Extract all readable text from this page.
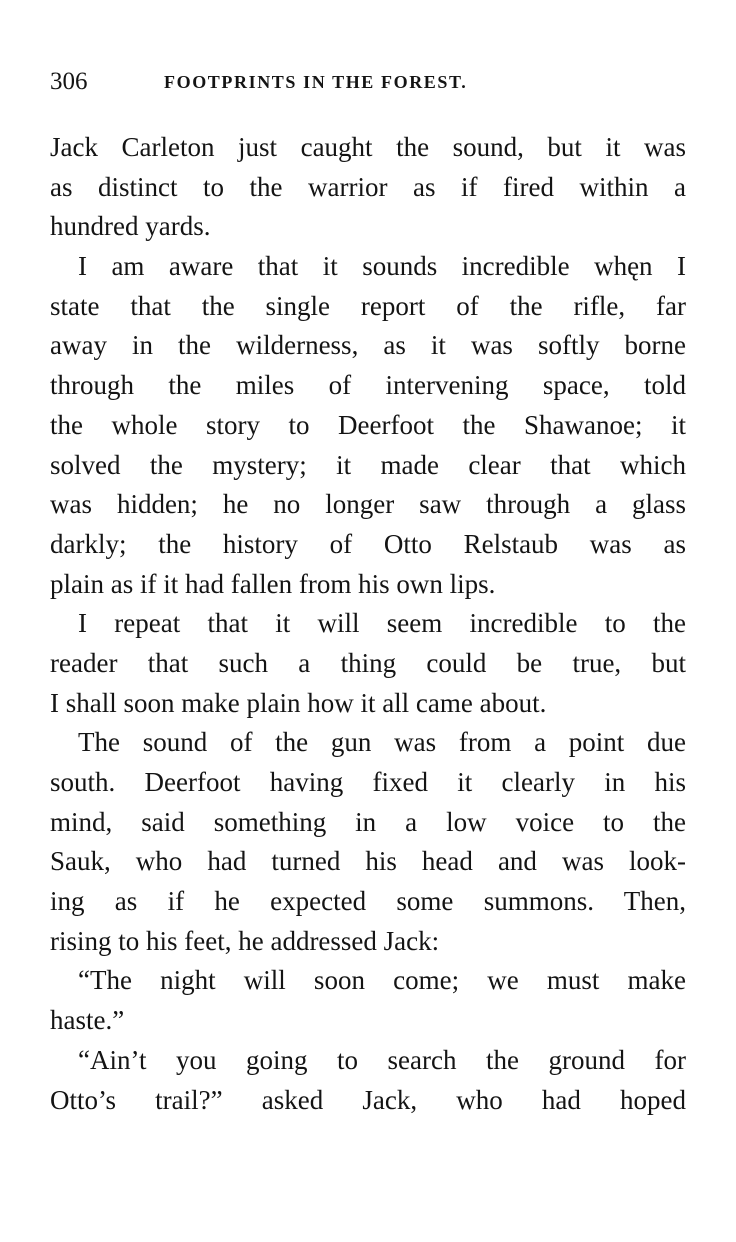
306	FOOTPRINTS IN THE FOREST.
Jack Carleton just caught the sound, but it was
as distinct to the warrior as if fired within a
hundred yards.
I am aware that it sounds incredible whęn I
state that the single report of the rifle, far
away in the wilderness, as it was softly borne
through the miles of intervening space, told
the whole story to Deerfoot the Shawanoe; it
solved the mystery; it made clear that which
was hidden; he no longer saw through a glass
darkly; the history of Otto Relstaub was as
plain as if it had fallen from his own lips.
I repeat that it will seem incredible to the
reader that such a thing could be true, but
I shall soon make plain how it all came about.
The sound of the gun was from a point due
south. Deerfoot having fixed it clearly in his
mind, said something in a low voice to the
Sauk, who had turned his head and was look-
ing as if he expected some summons. Then,
rising to his feet, he addressed Jack:
“The night will soon come; we must make
haste.”
“Ain’t you going to search the ground for
Otto’s trail?” asked Jack, who had hoped
